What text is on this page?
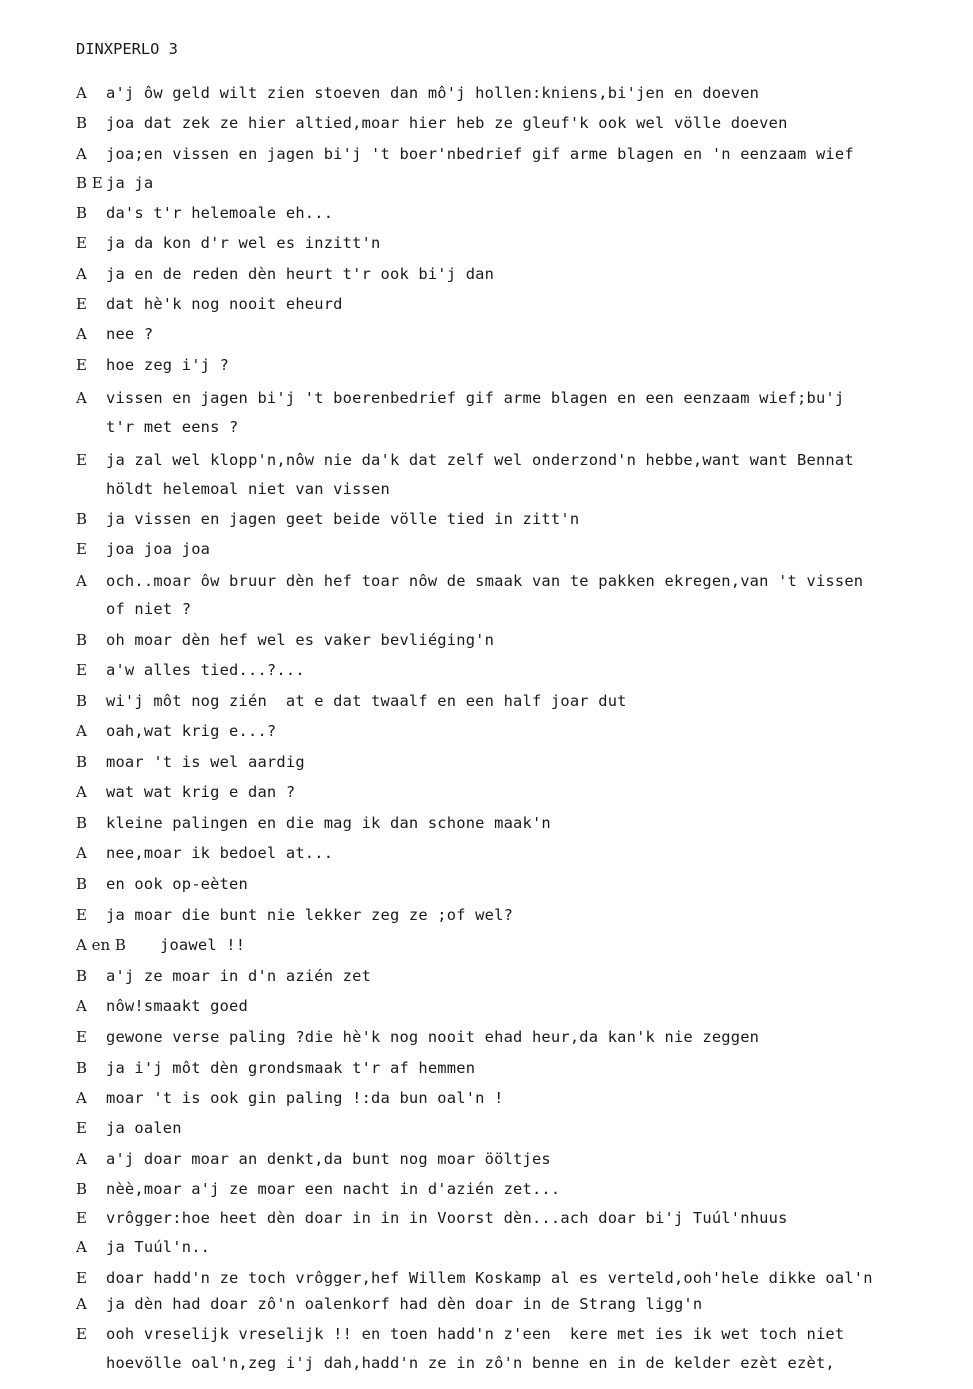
DINXPERLO 3
A a'j ôw geld wilt zien stoeven dan mô'j hollen:kniens,bi'jen en doeven
B joa dat zek ze hier altied,moar hier heb ze gleuf'k ook wel völle doeven
A joa;en vissen en jagen bi'j 't boer'nbedrief gif arme blagen en 'n eenzaam wief
B E ja ja
B da's t'r helemoale eh...
E ja da kon d'r wel es inzitt'n
A ja en de reden dèn heurt t'r ook bi'j dan
E dat hè'k nog nooit eheurd
A nee ?
E hoe zeg i'j ?
A vissen en jagen bi'j 't boerenbedrief gif arme blagen en een eenzaam wief;bu'j
t'r met eens ?
E ja zal wel klopp'n,nôw nie da'k dat zelf wel onderzond'n hebbe,want want Bennat
höldt helemoal niet van vissen
B ja vissen en jagen geet beide völle tied in zitt'n
E joa joa joa
A och..moar ôw bruur dèn hef toar nôw de smaak van te pakken ekregen,van 't vissen
of niet ?
B oh moar dèn hef wel es vaker bevliéging'n
E a'w alles tied...?...
B wi'j môt nog zién  at e dat twaalf en een half joar dut
A oah,wat krig e...?
B moar 't is wel aardig
A wat wat krig e dan ?
B kleine palingen en die mag ik dan schone maak'n
A nee,moar ik bedoel at...
B en ook op-eèten
E ja moar die bunt nie lekker zeg ze ;of wel?
A en B joawel !!
B a'j ze moar in d'n azién zet
A nôw!smaakt goed
E gewone verse paling ?die hè'k nog nooit ehad heur,da kan'k nie zeggen
B ja i'j môt dèn grondsmaak t'r af hemmen
A moar 't is ook gin paling !:da bun oal'n !
E ja oalen
A a'j doar moar an denkt,da bunt nog moar ööltjes
B nèè,moar a'j ze moar een nacht in d'azién zet...
E vrôgger:hoe heet dèn doar in in in Voorst dèn...ach doar bi'j Tuúl'nhuus
A ja Tuúl'n..
E doar hadd'n ze toch vrôgger,hef Willem Koskamp al es verteld,ooh'hele dikke oal'n
A ja dèn had doar zô'n oalenkorf had dèn doar in de Strang ligg'n
E ooh vreselijk vreselijk !! en toen hadd'n z'een  kere met ies ik wet toch niet
hoevölle oal'n,zeg i'j dah,hadd'n ze in zô'n benne en in de kelder ezèt ezèt,
